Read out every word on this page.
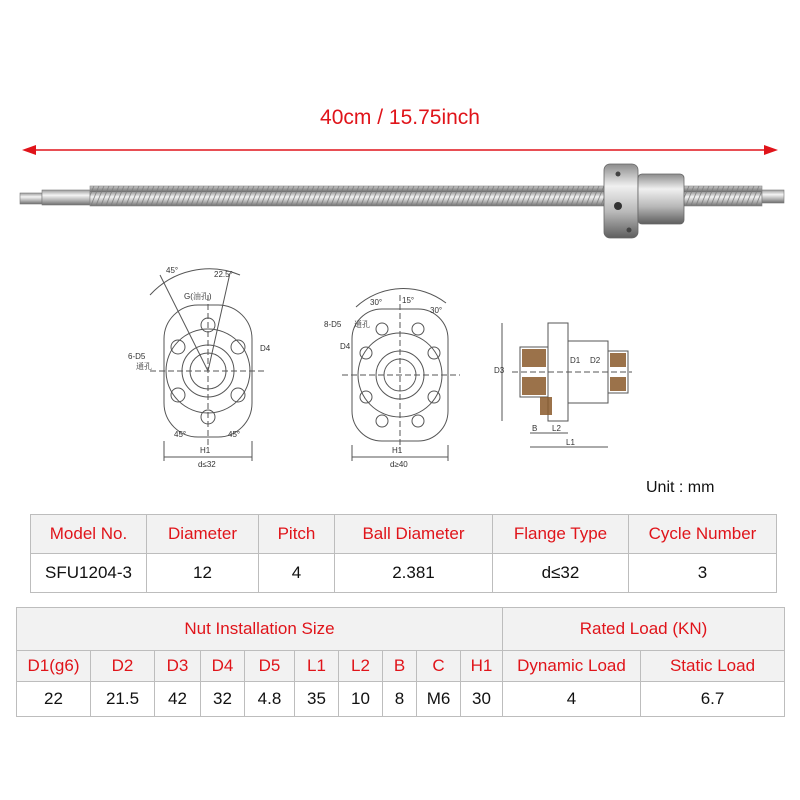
40cm / 15.75inch
45°	22.5°
G(油孔)
6-D5
通孔
D4
45°	45°
H1
d≤32
30° 15°
30°
8-D5 通孔
D4
H1
d≥40
D3
D1 D2
B L2
L1
Unit : mm
Model No.	Diameter	Pitch	Ball Diameter	Flange Type	Cycle Number
SFU1204-3	12	4	2.381	d≤32	3
Nut Installation Size										Rated Load (KN)	
D1(g6)	D2	D3	D4	D5	L1	L2	B	C	H1	Dynamic Load	Static Load
22	21.5	42	32	4.8	35	10	8	M6	30	4	6.7
